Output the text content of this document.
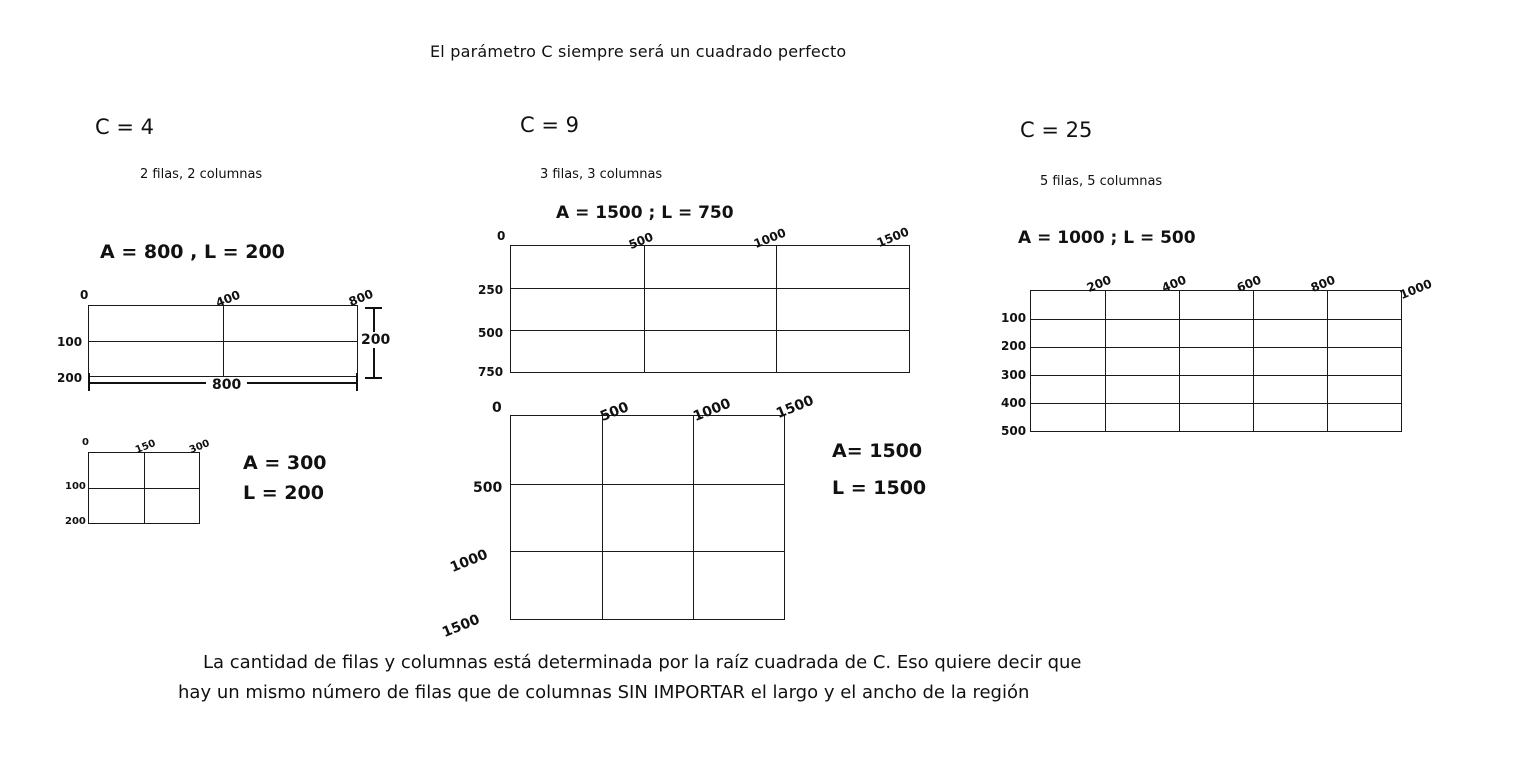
El parámetro C siempre será un cuadrado perfecto
C = 4
2 filas, 2 columnas
A = 800 , L = 200
0	400	800
100
200	800
200
0	150	300
100
200
A = 300
L = 200
C = 9
3 filas, 3 columnas
A = 1500 ; L = 750
0	500	1000	1500
250
500
750
0	500	1000	1500
500
1000
1500
A= 1500
L = 1500
C = 25
5 filas, 5 columnas
A = 1000 ; L = 500
200	400	600	800	1000
100
200
300
400
500
La cantidad de filas y columnas está determinada por la raíz cuadrada de C. Eso quiere decir que
hay un mismo número de filas que de columnas SIN IMPORTAR el largo y el ancho de la región
